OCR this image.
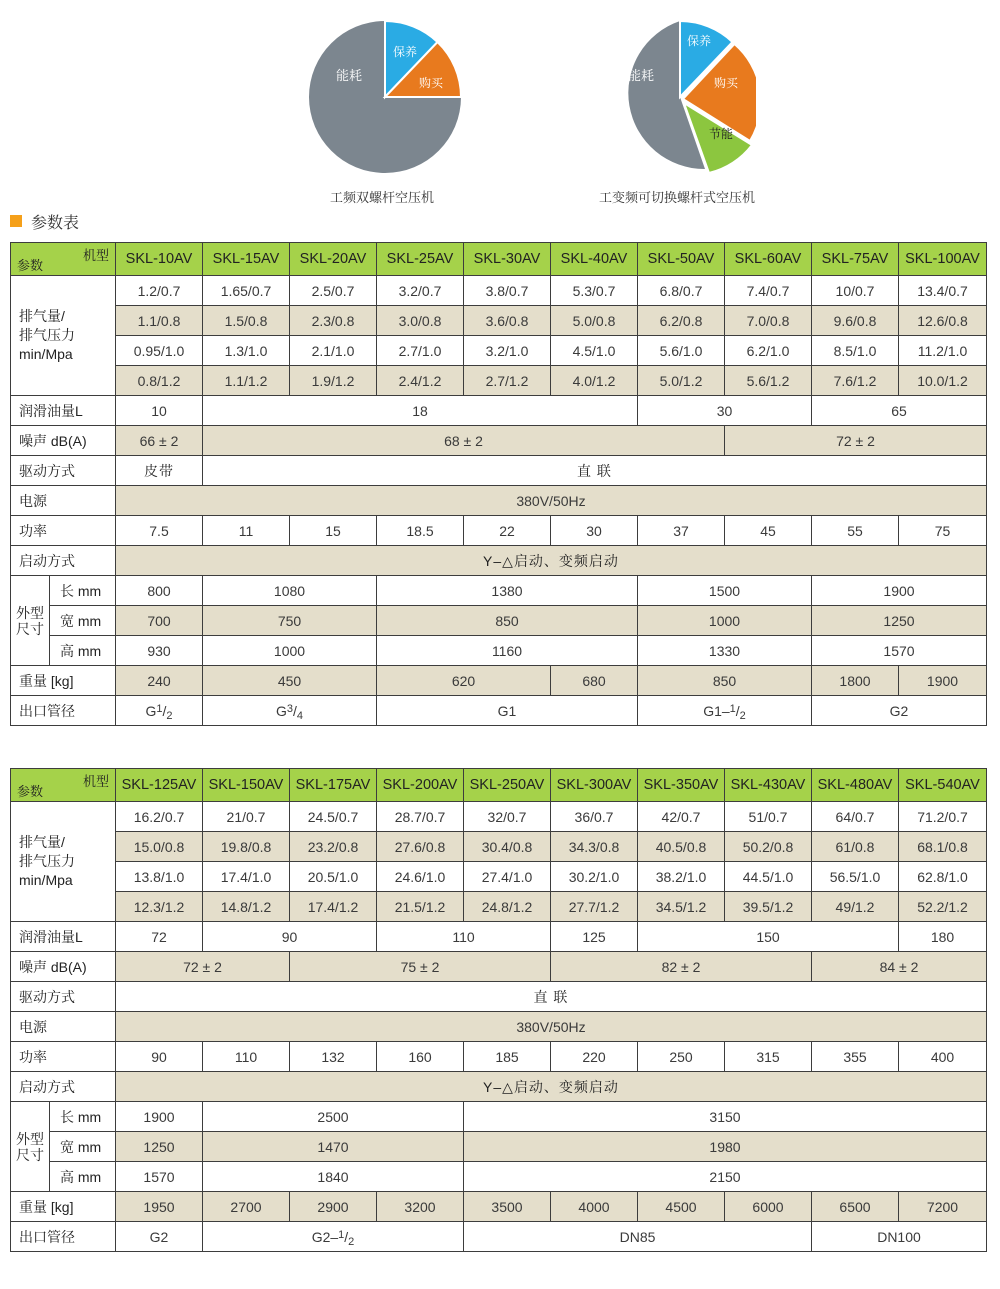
保养
购买
能耗
工频双螺杆空压机
保养
购买
节能
能耗
工变频可切换螺杆式空压机
参数表
机型
参数		SKL-10AV	SKL-15AV	SKL-20AV	SKL-25AV	SKL-30AV	SKL-40AV	SKL-50AV	SKL-60AV	SKL-75AV	SKL-100AV

排气量/
排气压力
min/Mpa		1.2/0.7	1.65/0.7	2.5/0.7	3.2/0.7	3.8/0.7	5.3/0.7	6.8/0.7	7.4/0.7	10/0.7	13.4/0.7
		1.1/0.8	1.5/0.8	2.3/0.8	3.0/0.8	3.6/0.8	5.0/0.8	6.2/0.8	7.0/0.8	9.6/0.8	12.6/0.8
		0.95/1.0	1.3/1.0	2.1/1.0	2.7/1.0	3.2/1.0	4.5/1.0	5.6/1.0	6.2/1.0	8.5/1.0	11.2/1.0
		0.8/1.2	1.1/1.2	1.9/1.2	2.4/1.2	2.7/1.2	4.0/1.2	5.0/1.2	5.6/1.2	7.6/1.2	10.0/1.2
润滑油量L		10	18					30		65	
噪声 dB(A)		66 ± 2	68 ± 2						72 ± 2		
驱动方式		皮带	直 联								
电源		380V/50Hz									
功率		7.5	11	15	18.5	22	30	37	45	55	75
启动方式		Y–△启动、变频启动									
外型尺寸	长 mm	800	1080		1380			1500		1900	
	宽 mm	700	750		850			1000		1250	
	高 mm	930	1000		1160			1330		1570	
重量 [kg]		240	450		620		680	850		1800	1900
出口管径		$G^1/_2$	$G^3/_4$		G1			$G1-^1/_2$		G2	
机型
参数		SKL-125AV	SKL-150AV	SKL-175AV	SKL-200AV	SKL-250AV	SKL-300AV	SKL-350AV	SKL-430AV	SKL-480AV	SKL-540AV

排气量/
排气压力
min/Mpa		16.2/0.7	21/0.7	24.5/0.7	28.7/0.7	32/0.7	36/0.7	42/0.7	51/0.7	64/0.7	71.2/0.7
		15.0/0.8	19.8/0.8	23.2/0.8	27.6/0.8	30.4/0.8	34.3/0.8	40.5/0.8	50.2/0.8	61/0.8	68.1/0.8
		13.8/1.0	17.4/1.0	20.5/1.0	24.6/1.0	27.4/1.0	30.2/1.0	38.2/1.0	44.5/1.0	56.5/1.0	62.8/1.0
		12.3/1.2	14.8/1.2	17.4/1.2	21.5/1.2	24.8/1.2	27.7/1.2	34.5/1.2	39.5/1.2	49/1.2	52.2/1.2
润滑油量L		72	90		110		125	150			180
噪声 dB(A)		72 ± 2		75 ± 2			82 ± 2			84 ± 2	
驱动方式		直 联									
电源		380V/50Hz									
功率		90	110	132	160	185	220	250	315	355	400
启动方式		Y–△启动、变频启动									
外型尺寸	长 mm	1900	2500			3150					
	宽 mm	1250	1470			1980					
	高 mm	1570	1840			2150					
重量 [kg]		1950	2700	2900	3200	3500	4000	4500	6000	6500	7200
出口管径		G2	$G2-^1/_2$			DN85				DN100	
